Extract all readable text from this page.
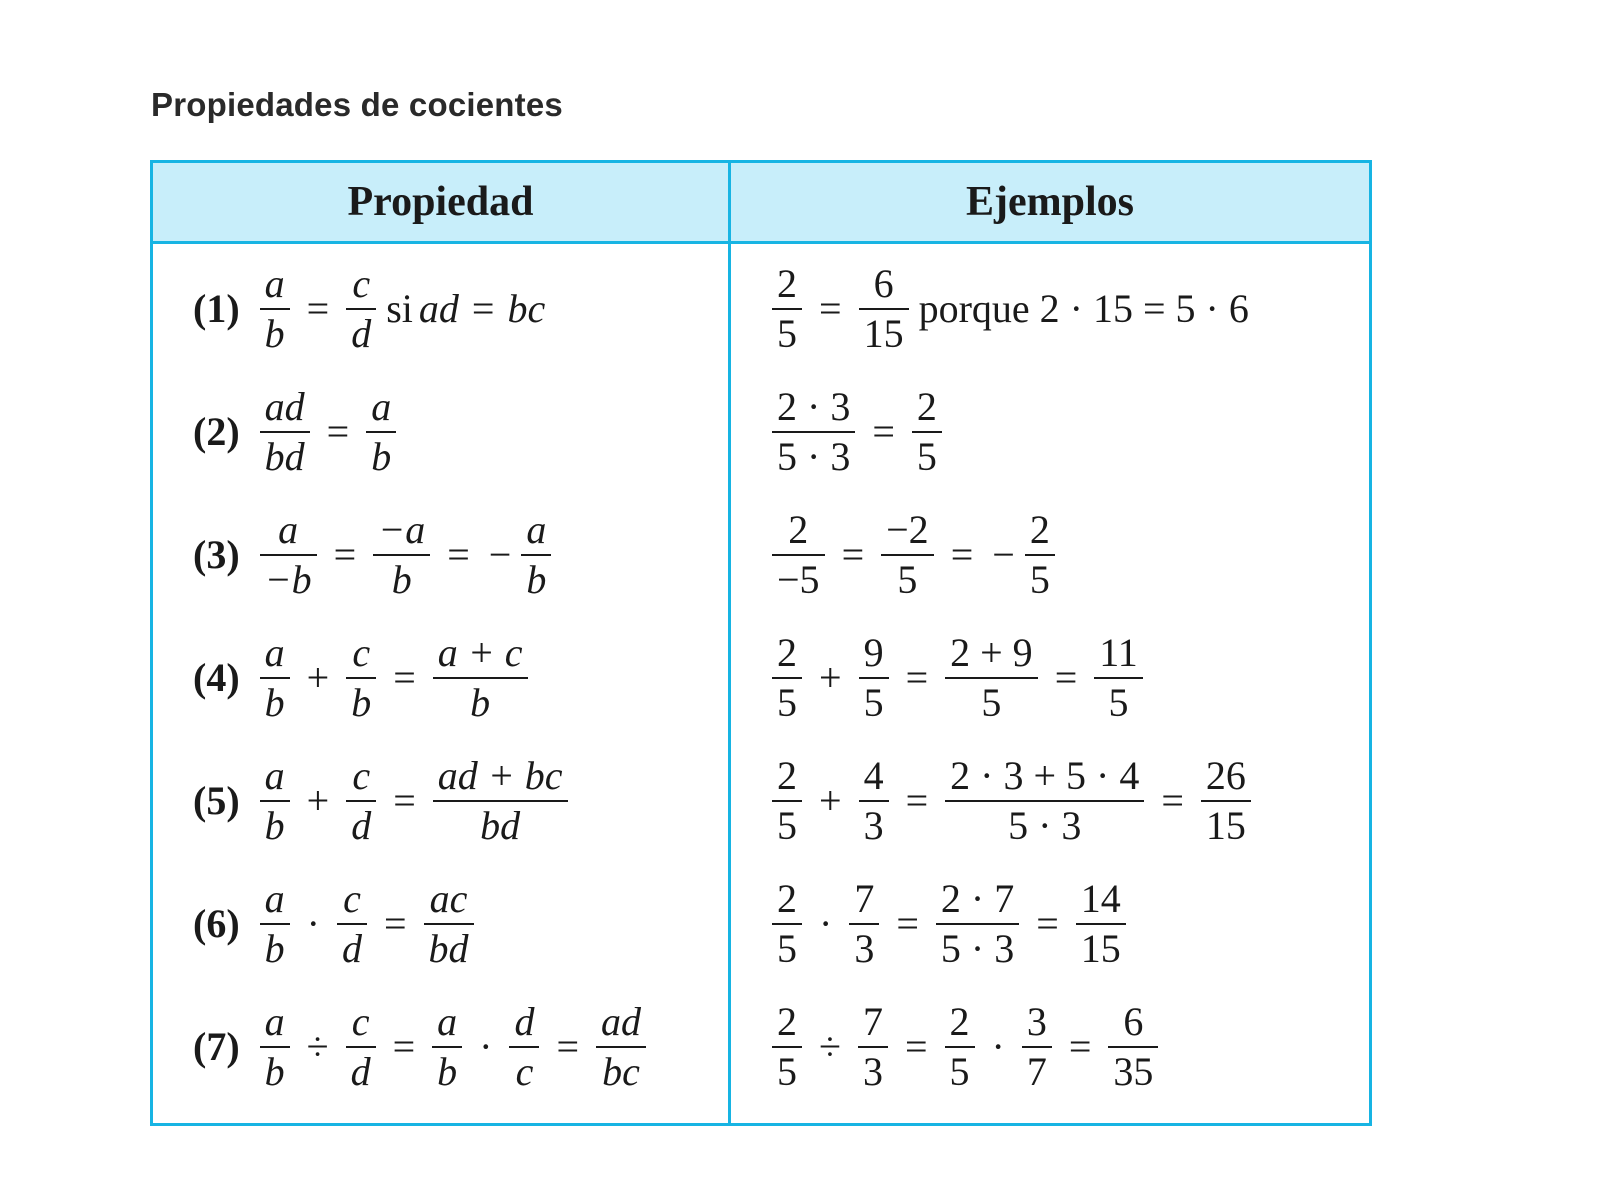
Propiedades de cocientes
Propiedad	Ejemplos
$(1) \frac{a}{b} = \frac{c}{d}$ si ad = bc	$\frac{2}{5} = \frac{6}{15}$ porque 2 · 15 = 5 · 6
$(2) \frac{ad}{bd} = \frac{a}{b}$	$\frac{2 \cdot 3}{5 \cdot 3} = \frac{2}{5}$
$(3) \frac{a}{-b} = \frac{-a}{b}$ = − $\frac{a}{b}$	$\frac{2}{-5} = \frac{-2}{5}$ = − $\frac{2}{5}$
$(4) \frac{a}{b} + \frac{c}{b} = \frac{a + c}{b}$	$\frac{2}{5} + \frac{9}{5} = \frac{2 + 9}{5} = \frac{11}{5}$
$(5) \frac{a}{b} + \frac{c}{d} = \frac{ad + bc}{bd}$	$\frac{2}{5} + \frac{4}{3} = \frac{2 \cdot 3 + 5 \cdot 4}{5 \cdot 3} = \frac{26}{15}$
$(6) \frac{a}{b} \cdot \frac{c}{d} = \frac{ac}{bd}$	$\frac{2}{5} \cdot \frac{7}{3} = \frac{2 \cdot 7}{5 \cdot 3} = \frac{14}{15}$
$(7) \frac{a}{b} \div \frac{c}{d} = \frac{a}{b} \cdot \frac{d}{c} = \frac{ad}{bc}$	$\frac{2}{5} \div \frac{7}{3} = \frac{2}{5} \cdot \frac{3}{7} = \frac{6}{35}$
